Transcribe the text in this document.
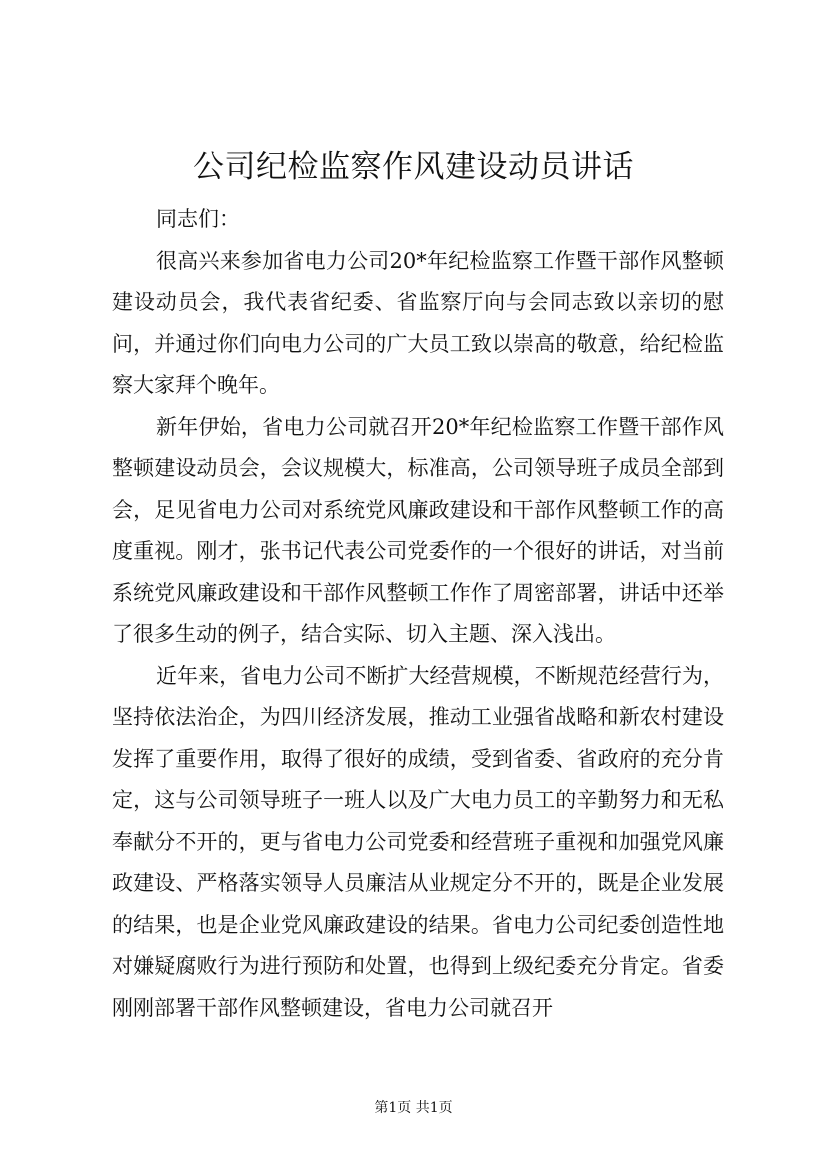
公司纪检监察作风建设动员讲话

同志们：

很高兴来参加省电力公司20*年纪检监察工作暨干部作风整顿建设动员会，我代表省纪委、省监察厅向与会同志致以亲切的慰问，并通过你们向电力公司的广大员工致以崇高的敬意，给纪检监察大家拜个晚年。

新年伊始，省电力公司就召开20*年纪检监察工作暨干部作风整顿建设动员会，会议规模大，标准高，公司领导班子成员全部到会，足见省电力公司对系统党风廉政建设和干部作风整顿工作的高度重视。刚才，张书记代表公司党委作的一个很好的讲话，对当前系统党风廉政建设和干部作风整顿工作作了周密部署，讲话中还举了很多生动的例子，结合实际、切入主题、深入浅出。

近年来，省电力公司不断扩大经营规模，不断规范经营行为，坚持依法治企，为四川经济发展，推动工业强省战略和新农村建设发挥了重要作用，取得了很好的成绩，受到省委、省政府的充分肯定，这与公司领导班子一班人以及广大电力员工的辛勤努力和无私奉献分不开的，更与省电力公司党委和经营班子重视和加强党风廉政建设、严格落实领导人员廉洁从业规定分不开的，既是企业发展的结果，也是企业党风廉政建设的结果。省电力公司纪委创造性地对嫌疑腐败行为进行预防和处置，也得到上级纪委充分肯定。省委刚刚部署干部作风整顿建设，省电力公司就召开

第1页 共1页
